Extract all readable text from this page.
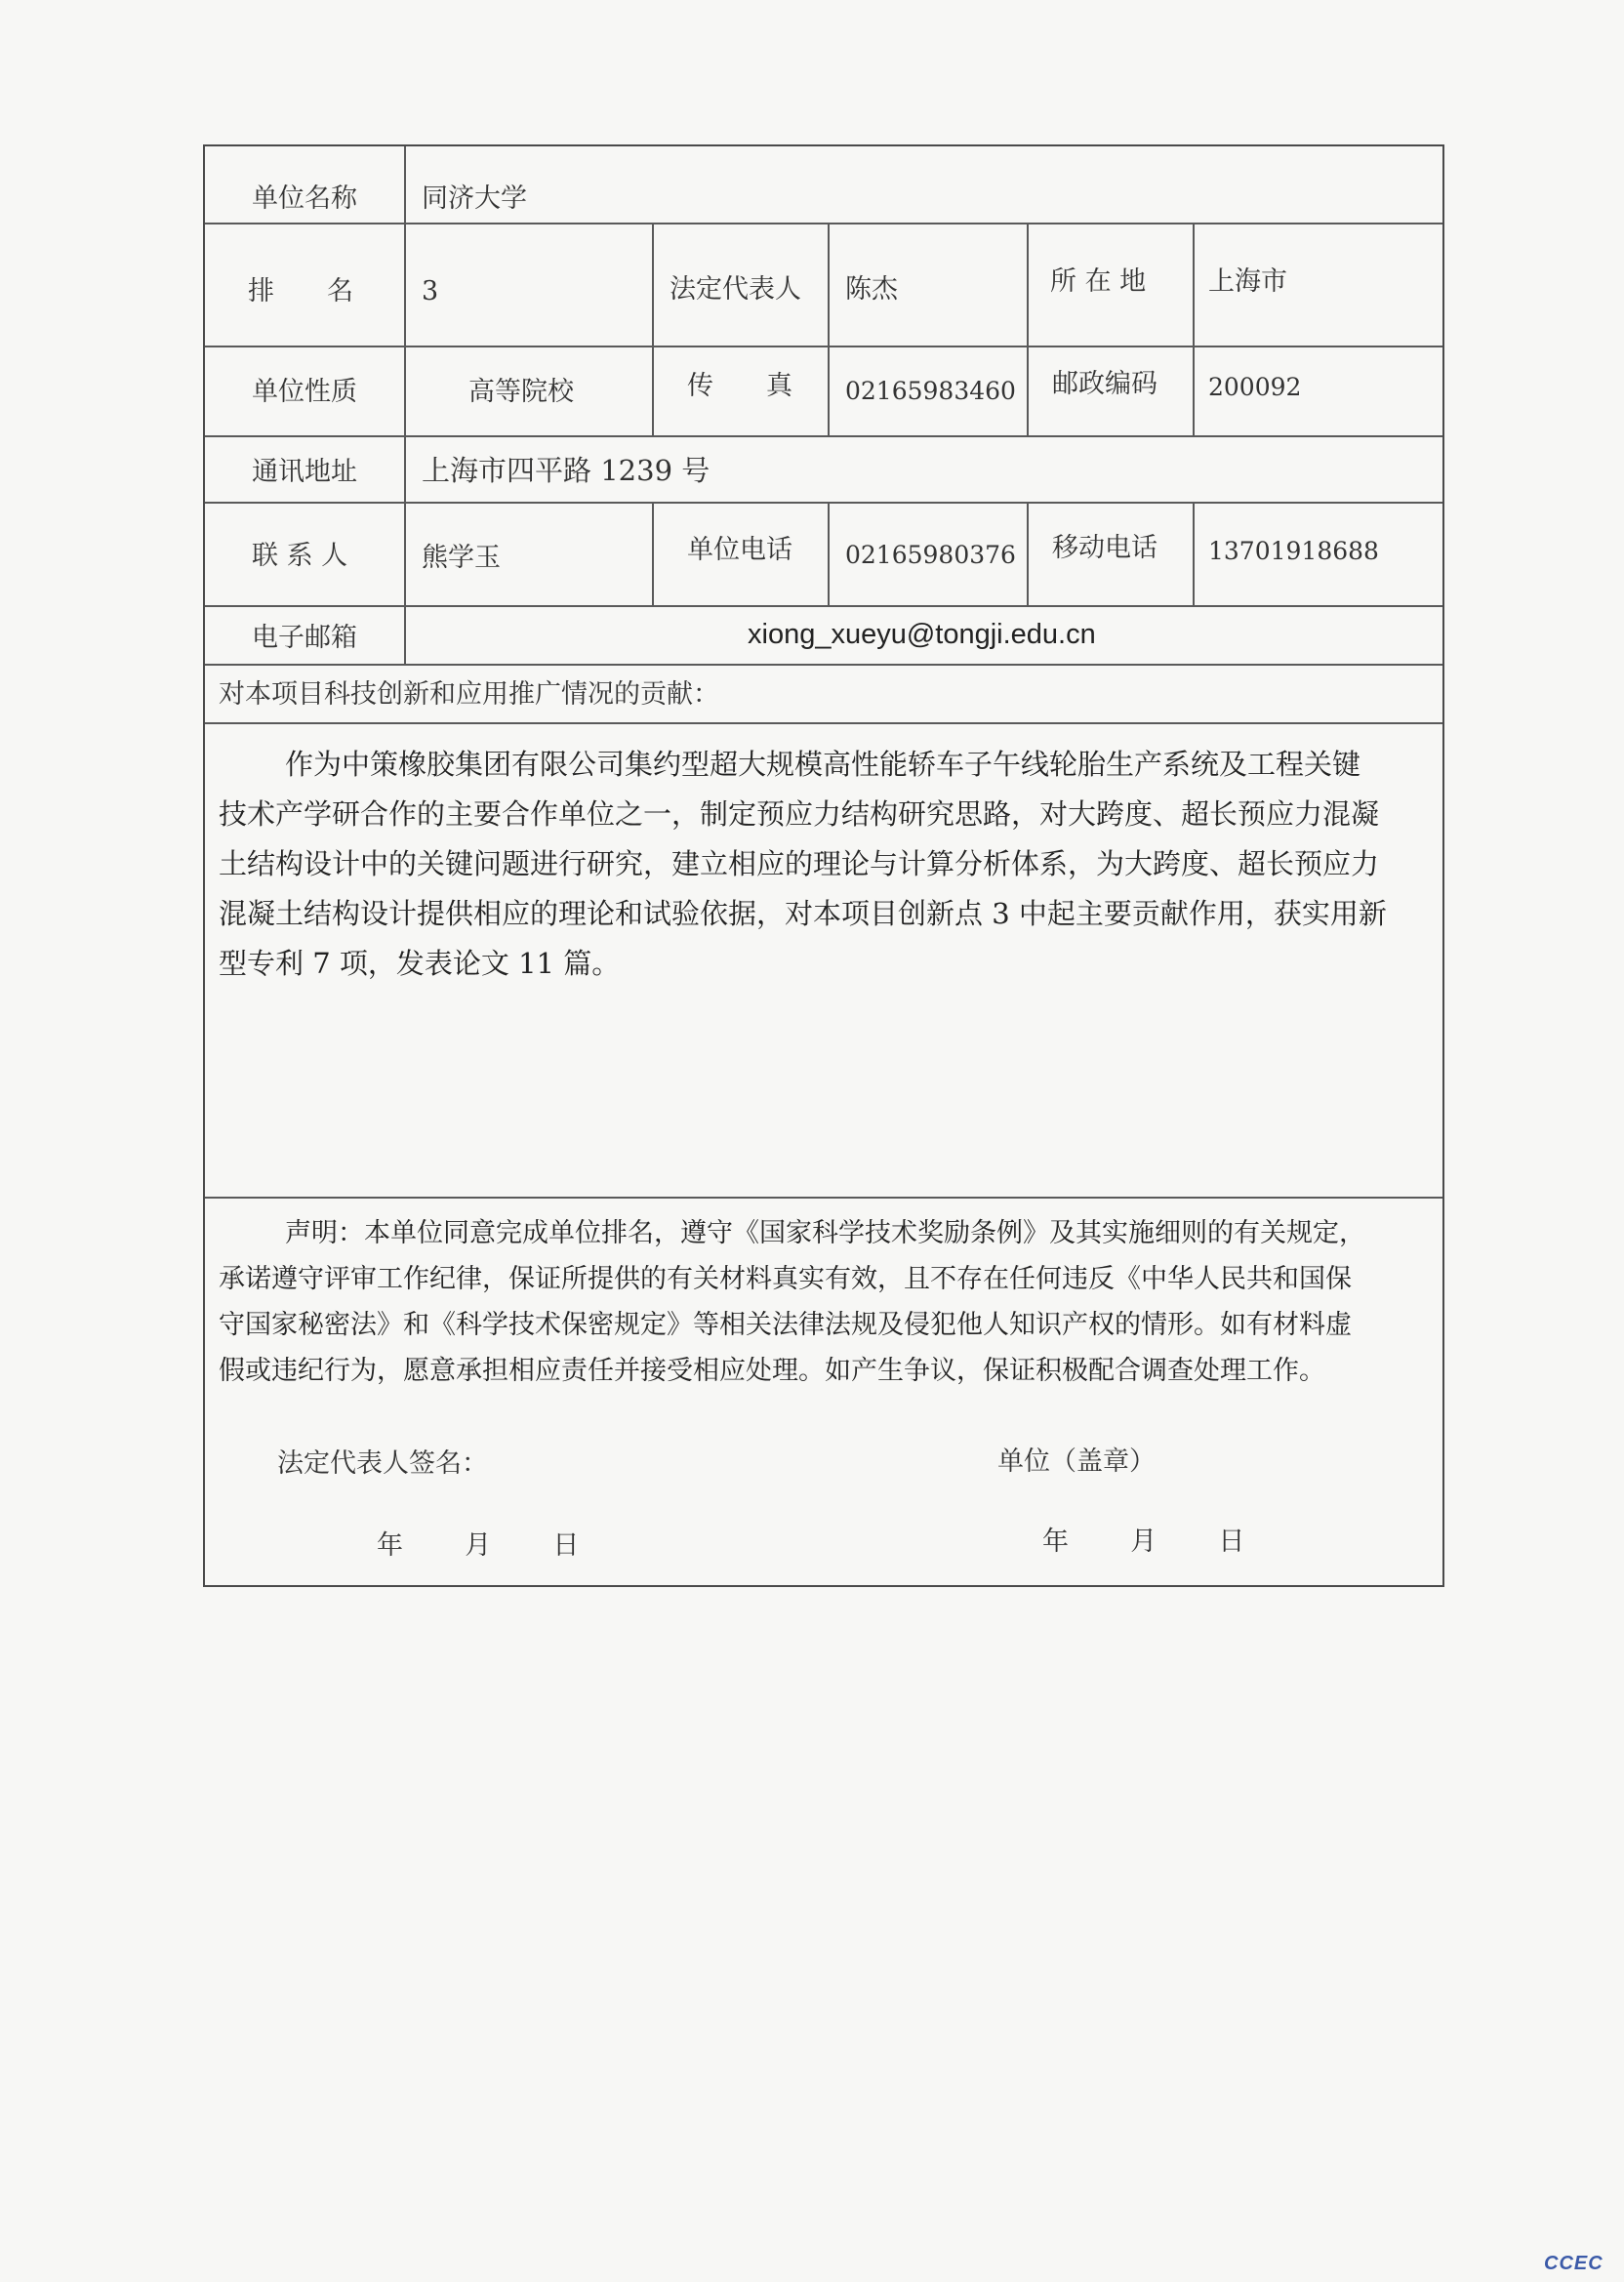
单位名称 同济大学
排　　名	3	法定代表人 陈杰	所 在 地 上海市
单位性质	高等院校	传　　真 02165983460 邮政编码 200092
通讯地址 上海市四平路 1239 号
联 系 人	熊学玉	单位电话 02165980376 移动电话 13701918688
电子邮箱	xiong_xueyu@tongji.edu.cn
对本项目科技创新和应用推广情况的贡献：
作为中策橡胶集团有限公司集约型超大规模高性能轿车子午线轮胎生产系统及工程关键
技术产学研合作的主要合作单位之一，制定预应力结构研究思路，对大跨度、超长预应力混凝
土结构设计中的关键问题进行研究，建立相应的理论与计算分析体系，为大跨度、超长预应力
混凝土结构设计提供相应的理论和试验依据，对本项目创新点 3 中起主要贡献作用，获实用新
型专利 7 项，发表论文 11 篇。
声明：本单位同意完成单位排名，遵守《国家科学技术奖励条例》及其实施细则的有关规定，
承诺遵守评审工作纪律，保证所提供的有关材料真实有效，且不存在任何违反《中华人民共和国保
守国家秘密法》和《科学技术保密规定》等相关法律法规及侵犯他人知识产权的情形。如有材料虚
假或违纪行为，愿意承担相应责任并接受相应处理。如产生争议，保证积极配合调查处理工作。
法定代表人签名：	单位（盖章）
年 月 日	年 月 日
CCEC
